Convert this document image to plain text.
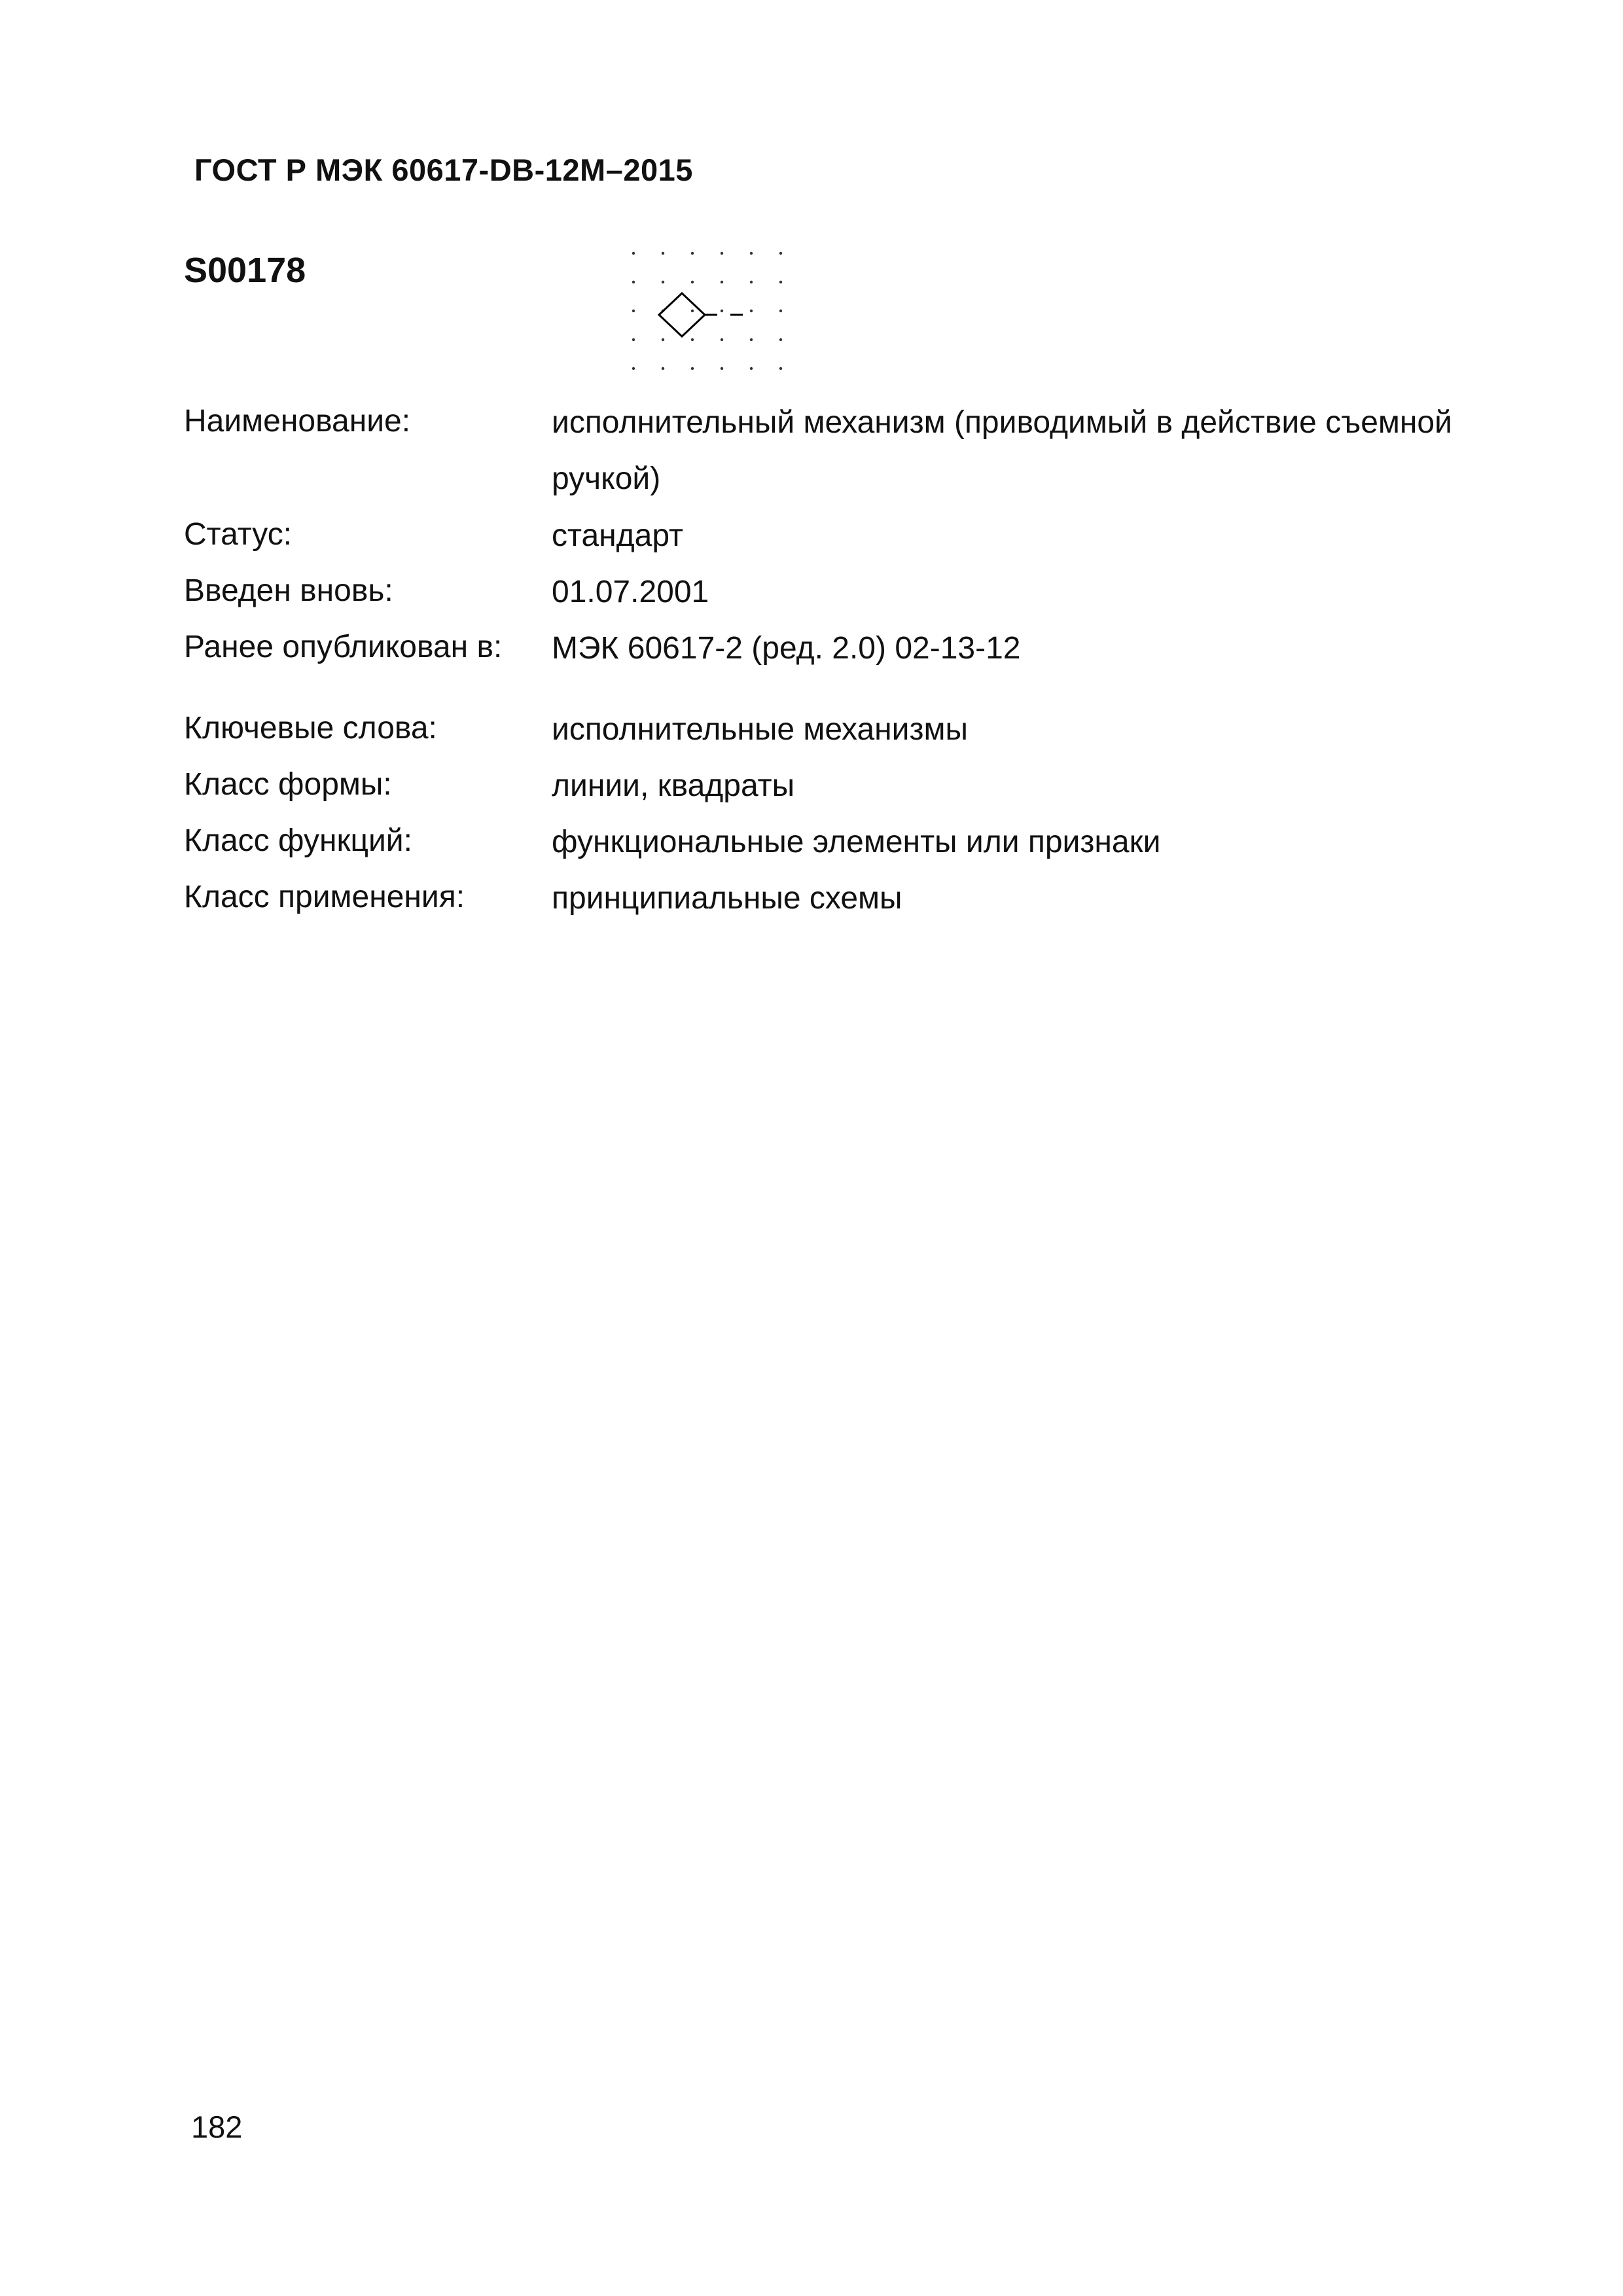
ГОСТ Р МЭК 60617-DB-12M–2015
S00178
Наименование:	исполнительный механизм (приводимый в действие съемной ручкой)
Статус:	стандарт
Введен вновь:	01.07.2001
Ранее опубликован в: МЭК 60617-2 (ред. 2.0) 02-13-12
Ключевые слова:	исполнительные механизмы
Класс формы:	линии, квадраты
Класс функций:	функциональные элементы или признаки
Класс применения:	принципиальные схемы
182
